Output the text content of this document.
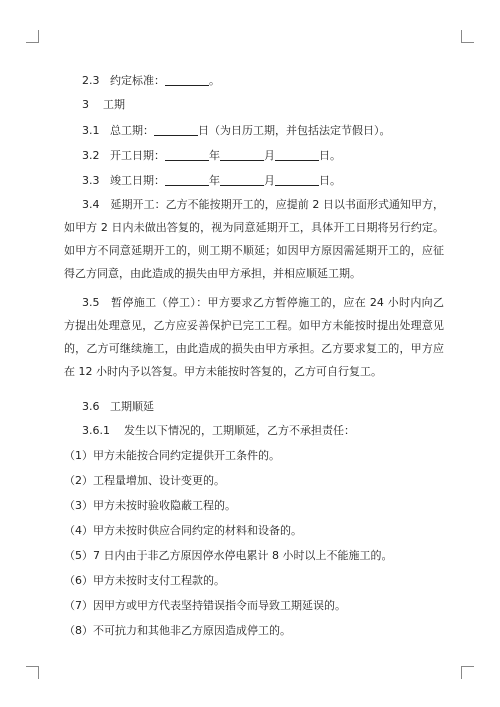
2.3 约定标准：	。
3 工期
3.1 总工期：	日（为日历工期，并包括法定节假日）。
3.2 开工日期：	年	月	日。
3.3 竣工日期：	年	月	日。
3.4　延期开工：乙方不能按期开工的，应提前 2 日以书面形式通知甲方，如甲方 2 日内未做出答复的，视为同意延期开工，具体开工日期将另行约定。如甲方不同意延期开工的，则工期不顺延；如因甲方原因需延期开工的，应征得乙方同意，由此造成的损失由甲方承担，并相应顺延工期。
3.5　暂停施工（停工）：甲方要求乙方暂停施工的，应在 24 小时内向乙方提出处理意见，乙方应妥善保护已完工工程。如甲方未能按时提出处理意见的，乙方可继续施工，由此造成的损失由甲方承担。乙方要求复工的，甲方应在 12 小时内予以答复。甲方未能按时答复的，乙方可自行复工。
3.6 工期顺延
3.6.1 发生以下情况的，工期顺延，乙方不承担责任：
（1）甲方未能按合同约定提供开工条件的。
（2）工程量增加、设计变更的。
（3）甲方未按时验收隐蔽工程的。
（4）甲方未按时供应合同约定的材料和设备的。
（5）7 日内由于非乙方原因停水停电累计 8 小时以上不能施工的。
（6）甲方未按时支付工程款的。
（7）因甲方或甲方代表坚持错误指令而导致工期延误的。
（8）不可抗力和其他非乙方原因造成停工的。
